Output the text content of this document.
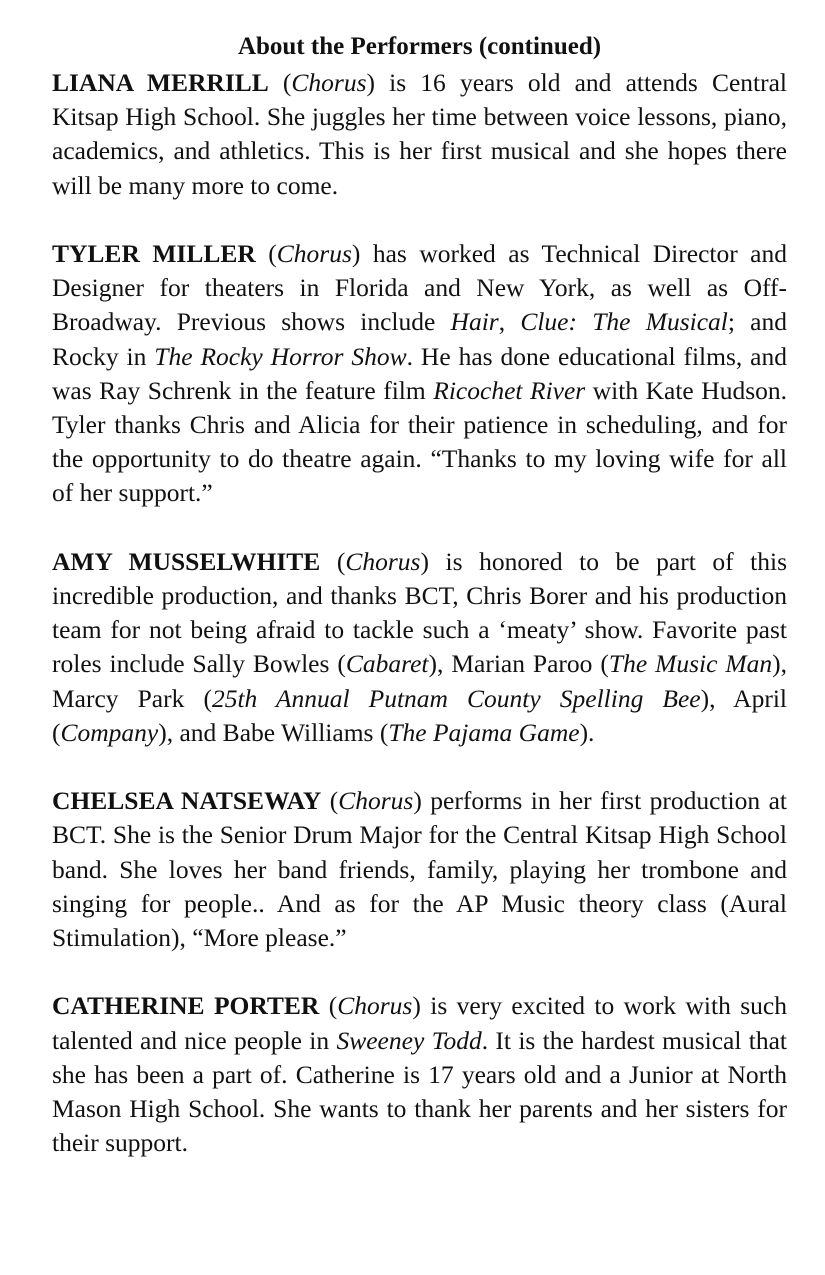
About the Performers (continued)

LIANA MERRILL (Chorus) is 16 years old and attends Central Kitsap High School. She juggles her time between voice lessons, piano, academics, and athletics. This is her first musical and she hopes there will be many more to come.

TYLER MILLER (Chorus) has worked as Technical Director and Designer for theaters in Florida and New York, as well as Off-Broadway. Previous shows include Hair, Clue: The Musical; and Rocky in The Rocky Horror Show. He has done educational films, and was Ray Schrenk in the feature film Ricochet River with Kate Hudson. Tyler thanks Chris and Alicia for their patience in scheduling, and for the opportunity to do theatre again. “Thanks to my loving wife for all of her support.”

AMY MUSSELWHITE (Chorus) is honored to be part of this incredible production, and thanks BCT, Chris Borer and his production team for not being afraid to tackle such a ‘meaty’ show. Favorite past roles include Sally Bowles (Cabaret), Marian Paroo (The Music Man), Marcy Park (25th Annual Putnam County Spelling Bee), April (Company), and Babe Williams (The Pajama Game).

CHELSEA NATSEWAY (Chorus) performs in her first production at BCT. She is the Senior Drum Major for the Central Kitsap High School band. She loves her band friends, family, playing her trombone and singing for people.. And as for the AP Music theory class (Aural Stimulation), “More please.”

CATHERINE PORTER (Chorus) is very excited to work with such talented and nice people in Sweeney Todd. It is the hardest musical that she has been a part of. Catherine is 17 years old and a Junior at North Mason High School. She wants to thank her parents and her sisters for their support.
